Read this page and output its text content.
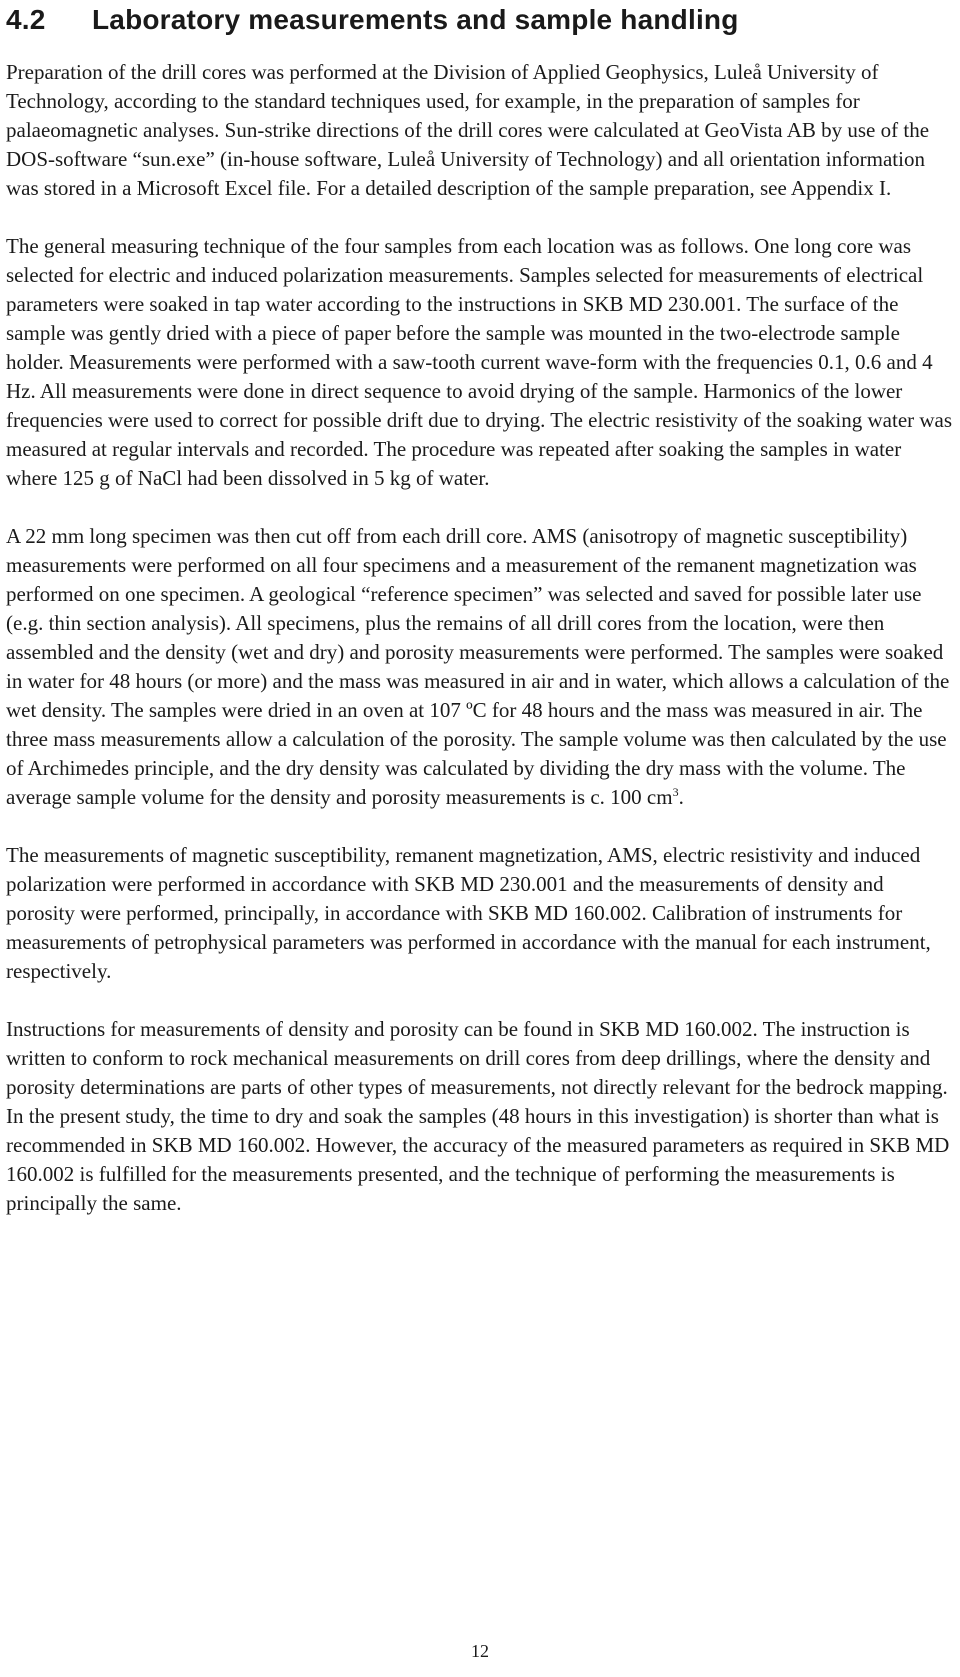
4.2 Laboratory measurements and sample handling

Preparation of the drill cores was performed at the Division of Applied Geophysics, Luleå University of Technology, according to the standard techniques used, for example, in the preparation of samples for palaeomagnetic analyses. Sun-strike directions of the drill cores were calculated at GeoVista AB by use of the DOS-software “sun.exe” (in-house software, Luleå University of Technology) and all orientation information was stored in a Microsoft Excel file. For a detailed description of the sample preparation, see Appendix I.

The general measuring technique of the four samples from each location was as follows. One long core was selected for electric and induced polarization measurements. Samples selected for measurements of electrical parameters were soaked in tap water according to the instructions in SKB MD 230.001. The surface of the sample was gently dried with a piece of paper before the sample was mounted in the two-electrode sample holder. Measurements were performed with a saw-tooth current wave-form with the frequencies 0.1, 0.6 and 4 Hz. All measurements were done in direct sequence to avoid drying of the sample. Harmonics of the lower frequencies were used to correct for possible drift due to drying. The electric resistivity of the soaking water was measured at regular intervals and recorded. The procedure was repeated after soaking the samples in water where 125 g of NaCl had been dissolved in 5 kg of water.

A 22 mm long specimen was then cut off from each drill core. AMS (anisotropy of magnetic susceptibility) measurements were performed on all four specimens and a measurement of the remanent magnetization was performed on one specimen. A geological “reference specimen” was selected and saved for possible later use (e.g. thin section analysis). All specimens, plus the remains of all drill cores from the location, were then assembled and the density (wet and dry) and porosity measurements were performed. The samples were soaked in water for 48 hours (or more) and the mass was measured in air and in water, which allows a calculation of the wet density. The samples were dried in an oven at 107 ºC for 48 hours and the mass was measured in air. The three mass measurements allow a calculation of the porosity. The sample volume was then calculated by the use of Archimedes principle, and the dry density was calculated by dividing the dry mass with the volume. The average sample volume for the density and porosity measurements is c. 100 $cm^3$.

The measurements of magnetic susceptibility, remanent magnetization, AMS, electric resistivity and induced polarization were performed in accordance with SKB MD 230.001 and the measurements of density and porosity were performed, principally, in accordance with SKB MD 160.002. Calibration of instruments for measurements of petrophysical parameters was performed in accordance with the manual for each instrument, respectively.

Instructions for measurements of density and porosity can be found in SKB MD 160.002. The instruction is written to conform to rock mechanical measurements on drill cores from deep drillings, where the density and porosity determinations are parts of other types of measurements, not directly relevant for the bedrock mapping. In the present study, the time to dry and soak the samples (48 hours in this investigation) is shorter than what is recommended in SKB MD 160.002. However, the accuracy of the measured parameters as required in SKB MD 160.002 is fulfilled for the measurements presented, and the technique of performing the measurements is principally the same.

12
